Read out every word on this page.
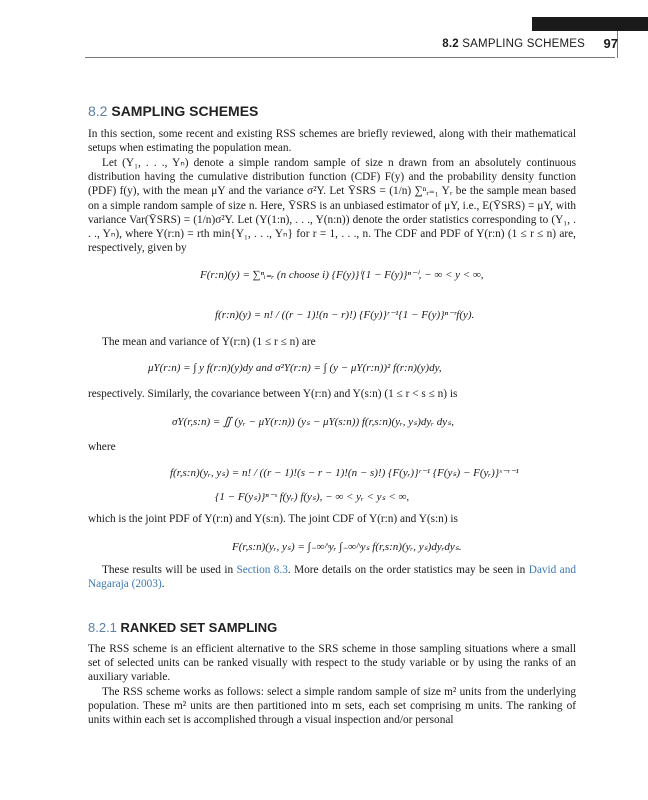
8.2 SAMPLING SCHEMES	97
8.2 SAMPLING SCHEMES

In this section, some recent and existing RSS schemes are briefly reviewed, along with their mathematical setups when estimating the population mean.

Let (Y₁, . . ., Yₙ) denote a simple random sample of size n drawn from an absolutely continuous distribution having the cumulative distribution function (CDF) F(y) and the probability density function (PDF) f(y), with the mean μY and the variance σ²Y. Let ȲSRS = (1/n) ∑ⁿᵣ₌₁ Yᵣ be the sample mean based on a simple random sample of size n. Here, ȲSRS is an unbiased estimator of μY, i.e., E(ȲSRS) = μY, with variance Var(ȲSRS) = (1/n)σ²Y. Let (Y(1:n), . . ., Y(n:n)) denote the order statistics corresponding to (Y₁, . . ., Yₙ), where Y(r:n) = rth min{Y₁, . . ., Yₙ} for r = 1, . . ., n. The CDF and PDF of Y(r:n) (1 ≤ r ≤ n) are, respectively, given by

F(r:n)(y) = ∑ⁿᵢ₌ᵣ (n choose i) {F(y)}ⁱ{1 − F(y)}ⁿ⁻ⁱ, − ∞ < y < ∞,
f(r:n)(y) = n! / ((r − 1)!(n − r)!) {F(y)}ʳ⁻¹{1 − F(y)}ⁿ⁻ʳf(y).

The mean and variance of Y(r:n) (1 ≤ r ≤ n) are

μY(r:n) = ∫ y f(r:n)(y)dy and σ²Y(r:n) = ∫ (y − μY(r:n))² f(r:n)(y)dy,

respectively. Similarly, the covariance between Y(r:n) and Y(s:n) (1 ≤ r < s ≤ n) is

σY(r,s:n) = ∬ (yᵣ − μY(r:n)) (yₛ − μY(s:n)) f(r,s:n)(yᵣ, yₛ)dyᵣ dyₛ,

where

f(r,s:n)(yᵣ, yₛ) = n! / ((r − 1)!(s − r − 1)!(n − s)!) {F(yᵣ)}ʳ⁻¹ {F(yₛ) − F(yᵣ)}ˢ⁻ʳ⁻¹
{1 − F(yₛ)}ⁿ⁻ˢ f(yᵣ) f(yₛ), − ∞ < yᵣ < yₛ < ∞,

which is the joint PDF of Y(r:n) and Y(s:n). The joint CDF of Y(r:n) and Y(s:n) is

F(r,s:n)(yᵣ, yₛ) = ∫₋∞^yᵣ ∫₋∞^yₛ f(r,s:n)(yᵣ, yₛ)dyᵣdyₛ.

These results will be used in Section 8.3. More details on the order statistics may be seen in David and Nagaraja (2003).

8.2.1 RANKED SET SAMPLING

The RSS scheme is an efficient alternative to the SRS scheme in those sampling situations where a small set of selected units can be ranked visually with respect to the study variable or by using the ranks of an auxiliary variable.

The RSS scheme works as follows: select a simple random sample of size m² units from the underlying population. These m² units are then partitioned into m sets, each set comprising m units. The ranking of units within each set is accomplished through a visual inspection and/or personal
